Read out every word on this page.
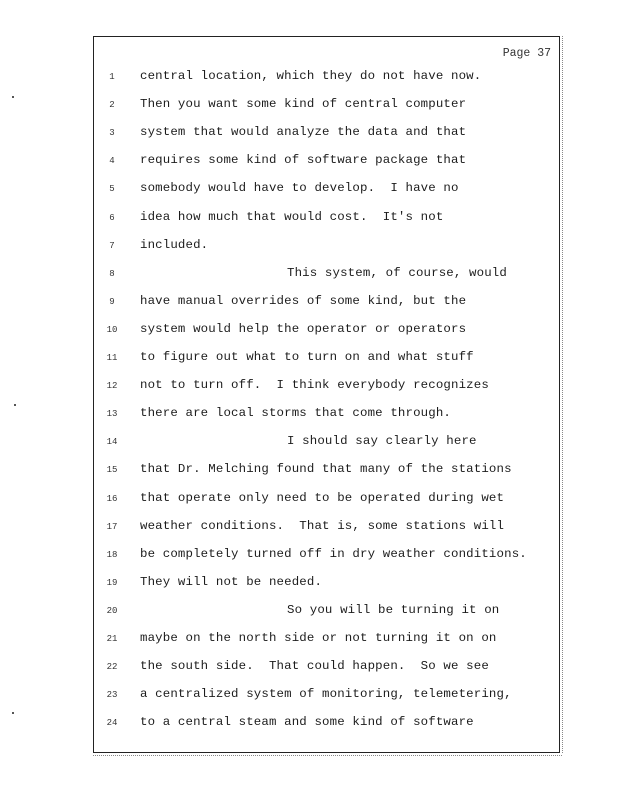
Page 37
1	central location, which they do not have now.
2	Then you want some kind of central computer
3	system that would analyze the data and that
4	requires some kind of software package that
5	somebody would have to develop.  I have no
6	idea how much that would cost.  It's not
7	included.
8	This system, of course, would
9	have manual overrides of some kind, but the
10 system would help the operator or operators
11 to figure out what to turn on and what stuff
12 not to turn off.  I think everybody recognizes
13 there are local storms that come through.
14	I should say clearly here
15 that Dr. Melching found that many of the stations
16 that operate only need to be operated during wet
17 weather conditions.  That is, some stations will
18 be completely turned off in dry weather conditions.
19 They will not be needed.
20	So you will be turning it on
21 maybe on the north side or not turning it on on
22 the south side.  That could happen.  So we see
23 a centralized system of monitoring, telemetering,
24 to a central steam and some kind of software
